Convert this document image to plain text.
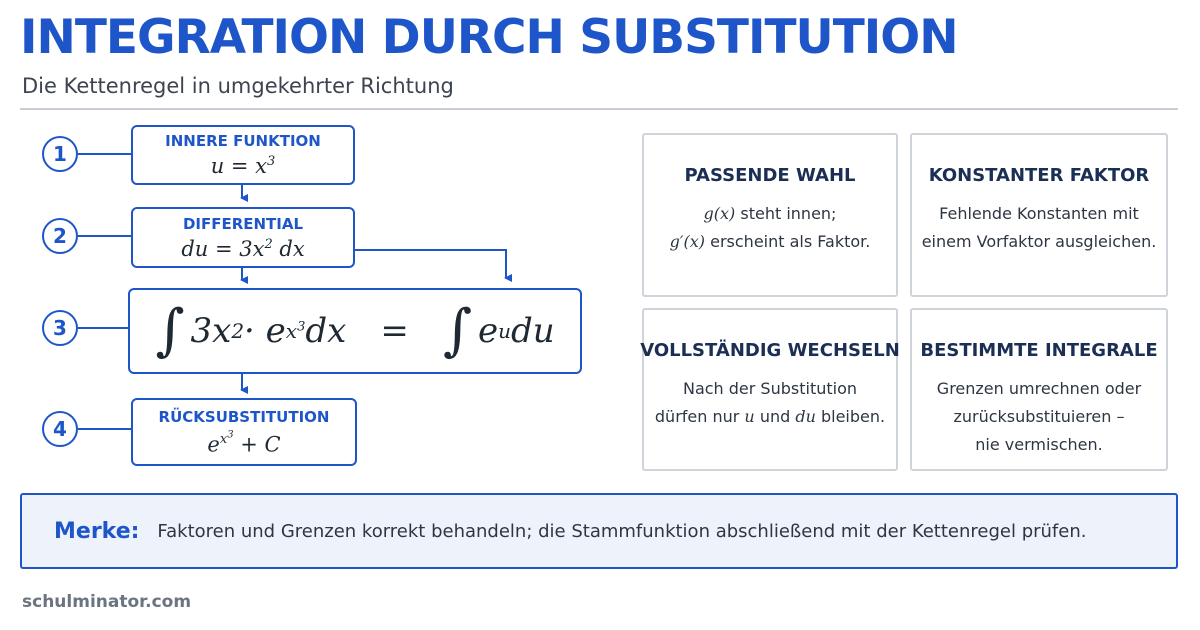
INTEGRATION DURCH SUBSTITUTION
Die Kettenregel in umgekehrter Richtung
1
2
3
4
INNERE FUNKTION
$u = x^3$
DIFFERENTIAL
du = $3x^2$ dx
∫ 3x 2 · e $x^3$ dx = ∫ e u du
RÜCKSUBSTITUTION
$e^{x^3} + C$
PASSENDE WAHL
g(x) steht innen;
g′(x) erscheint als Faktor.
KONSTANTER FAKTOR
Fehlende Konstanten mit
einem Vorfaktor ausgleichen.
VOLLSTÄNDIG WECHSELN
Nach der Substitution
dürfen nur u und du bleiben.
BESTIMMTE INTEGRALE
Grenzen umrechnen oder
zurücksubstituieren –
nie vermischen.
Merke: Faktoren und Grenzen korrekt behandeln; die Stammfunktion abschließend mit der Kettenregel prüfen.
schulminator.com
